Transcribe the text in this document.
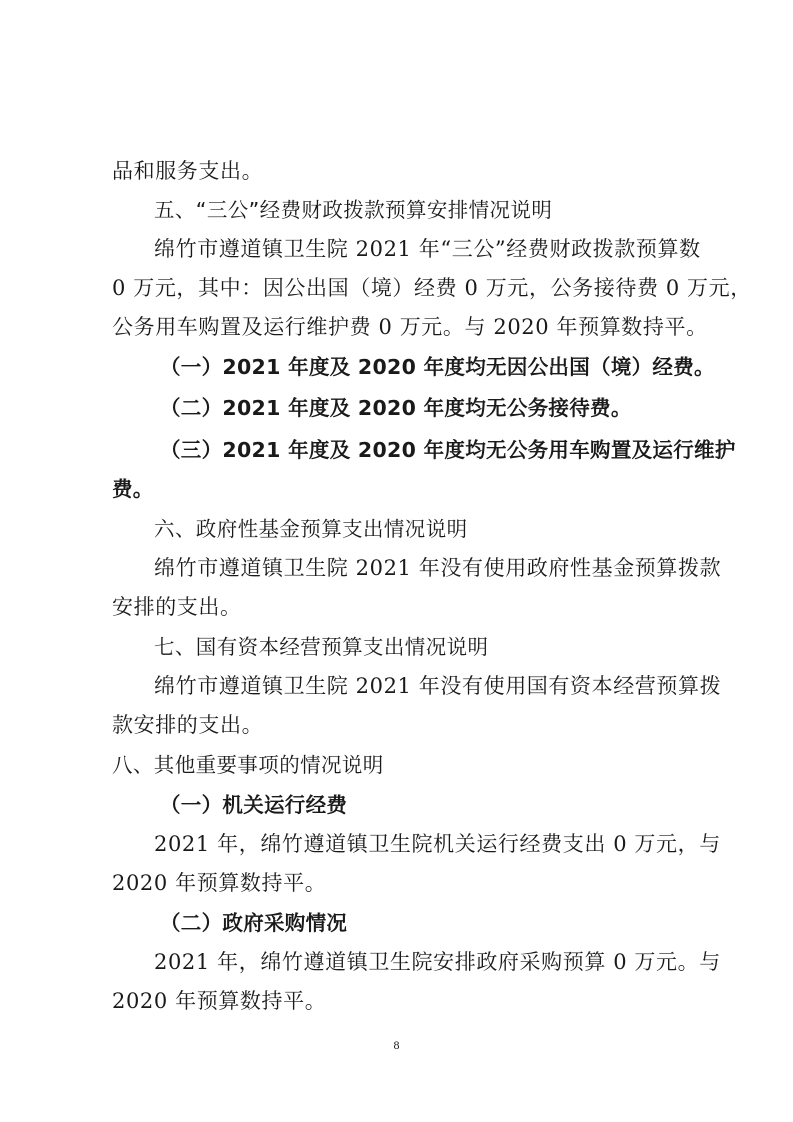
品和服务支出。
五、“三公”经费财政拨款预算安排情况说明
绵竹市遵道镇卫生院 2021 年“三公”经费财政拨款预算数
0 万元，其中：因公出国（境）经费 0 万元，公务接待费 0 万元，
公务用车购置及运行维护费 0 万元。与 2020 年预算数持平。
（一）2021 年度及 2020 年度均无因公出国（境）经费。
（二）2021 年度及 2020 年度均无公务接待费。
（三）2021 年度及 2020 年度均无公务用车购置及运行维护
费。
六、政府性基金预算支出情况说明
绵竹市遵道镇卫生院 2021 年没有使用政府性基金预算拨款
安排的支出。
七、国有资本经营预算支出情况说明
绵竹市遵道镇卫生院 2021 年没有使用国有资本经营预算拨
款安排的支出。
八、其他重要事项的情况说明
（一）机关运行经费
2021 年，绵竹遵道镇卫生院机关运行经费支出 0 万元，与
2020 年预算数持平。
（二）政府采购情况
2021 年，绵竹遵道镇卫生院安排政府采购预算 0 万元。与
2020 年预算数持平。
8
